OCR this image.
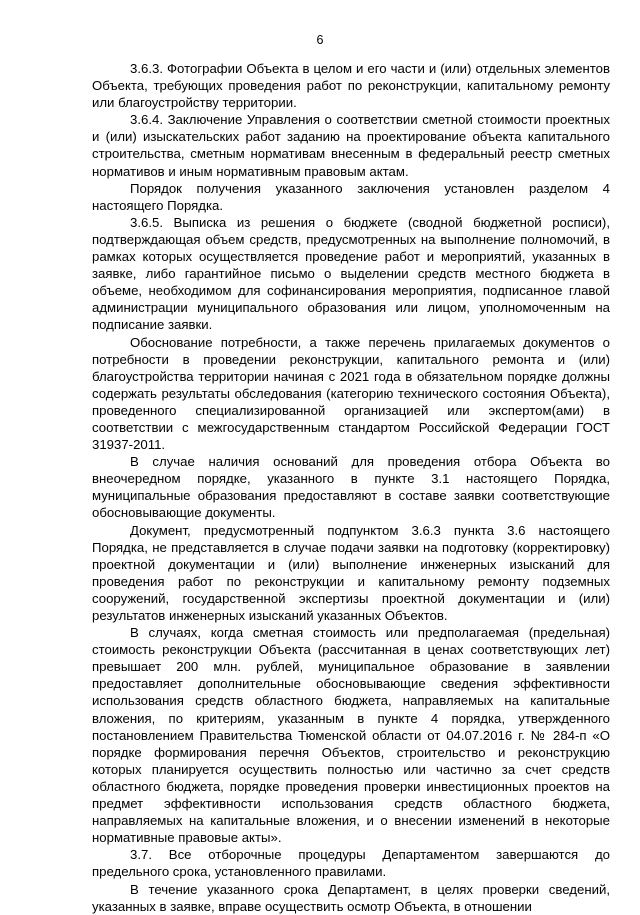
6

3.6.3. Фотографии Объекта в целом и его части и (или) отдельных элементов Объекта, требующих проведения работ по реконструкции, капитальному ремонту или благоустройству территории.

3.6.4. Заключение Управления о соответствии сметной стоимости проектных и (или) изыскательских работ заданию на проектирование объекта капитального строительства, сметным нормативам внесенным в федеральный реестр сметных нормативов и иным нормативным правовым актам.

Порядок получения указанного заключения установлен разделом 4 настоящего Порядка.

3.6.5. Выписка из решения о бюджете (сводной бюджетной росписи), подтверждающая объем средств, предусмотренных на выполнение полномочий, в рамках которых осуществляется проведение работ и мероприятий, указанных в заявке, либо гарантийное письмо о выделении средств местного бюджета в объеме, необходимом для софинансирования мероприятия, подписанное главой администрации муниципального образования или лицом, уполномоченным на подписание заявки.

Обоснование потребности, а также перечень прилагаемых документов о потребности в проведении реконструкции, капитального ремонта и (или) благоустройства территории начиная с 2021 года в обязательном порядке должны содержать результаты обследования (категорию технического состояния Объекта), проведенного специализированной организацией или экспертом(ами) в соответствии с межгосударственным стандартом Российской Федерации ГОСТ 31937-2011.

В случае наличия оснований для проведения отбора Объекта во внеочередном порядке, указанного в пункте 3.1 настоящего Порядка, муниципальные образования предоставляют в составе заявки соответствующие обосновывающие документы.

Документ, предусмотренный подпунктом 3.6.3 пункта 3.6 настоящего Порядка, не представляется в случае подачи заявки на подготовку (корректировку) проектной документации и (или) выполнение инженерных изысканий для проведения работ по реконструкции и капитальному ремонту подземных сооружений, государственной экспертизы проектной документации и (или) результатов инженерных изысканий указанных Объектов.

В случаях, когда сметная стоимость или предполагаемая (предельная) стоимость реконструкции Объекта (рассчитанная в ценах соответствующих лет) превышает 200 млн. рублей, муниципальное образование в заявлении предоставляет дополнительные обосновывающие сведения эффективности использования средств областного бюджета, направляемых на капитальные вложения, по критериям, указанным в пункте 4 порядка, утвержденного постановлением Правительства Тюменской области от 04.07.2016 г. № 284-п «О порядке формирования перечня Объектов, строительство и реконструкцию которых планируется осуществить полностью или частично за счет средств областного бюджета, порядке проведения проверки инвестиционных проектов на предмет эффективности использования средств областного бюджета, направляемых на капитальные вложения, и о внесении изменений в некоторые нормативные правовые акты».

3.7. Все отборочные процедуры Департаментом завершаются до предельного срока, установленного правилами.

В течение указанного срока Департамент, в целях проверки сведений, указанных в заявке, вправе осуществить осмотр Объекта, в отношении
